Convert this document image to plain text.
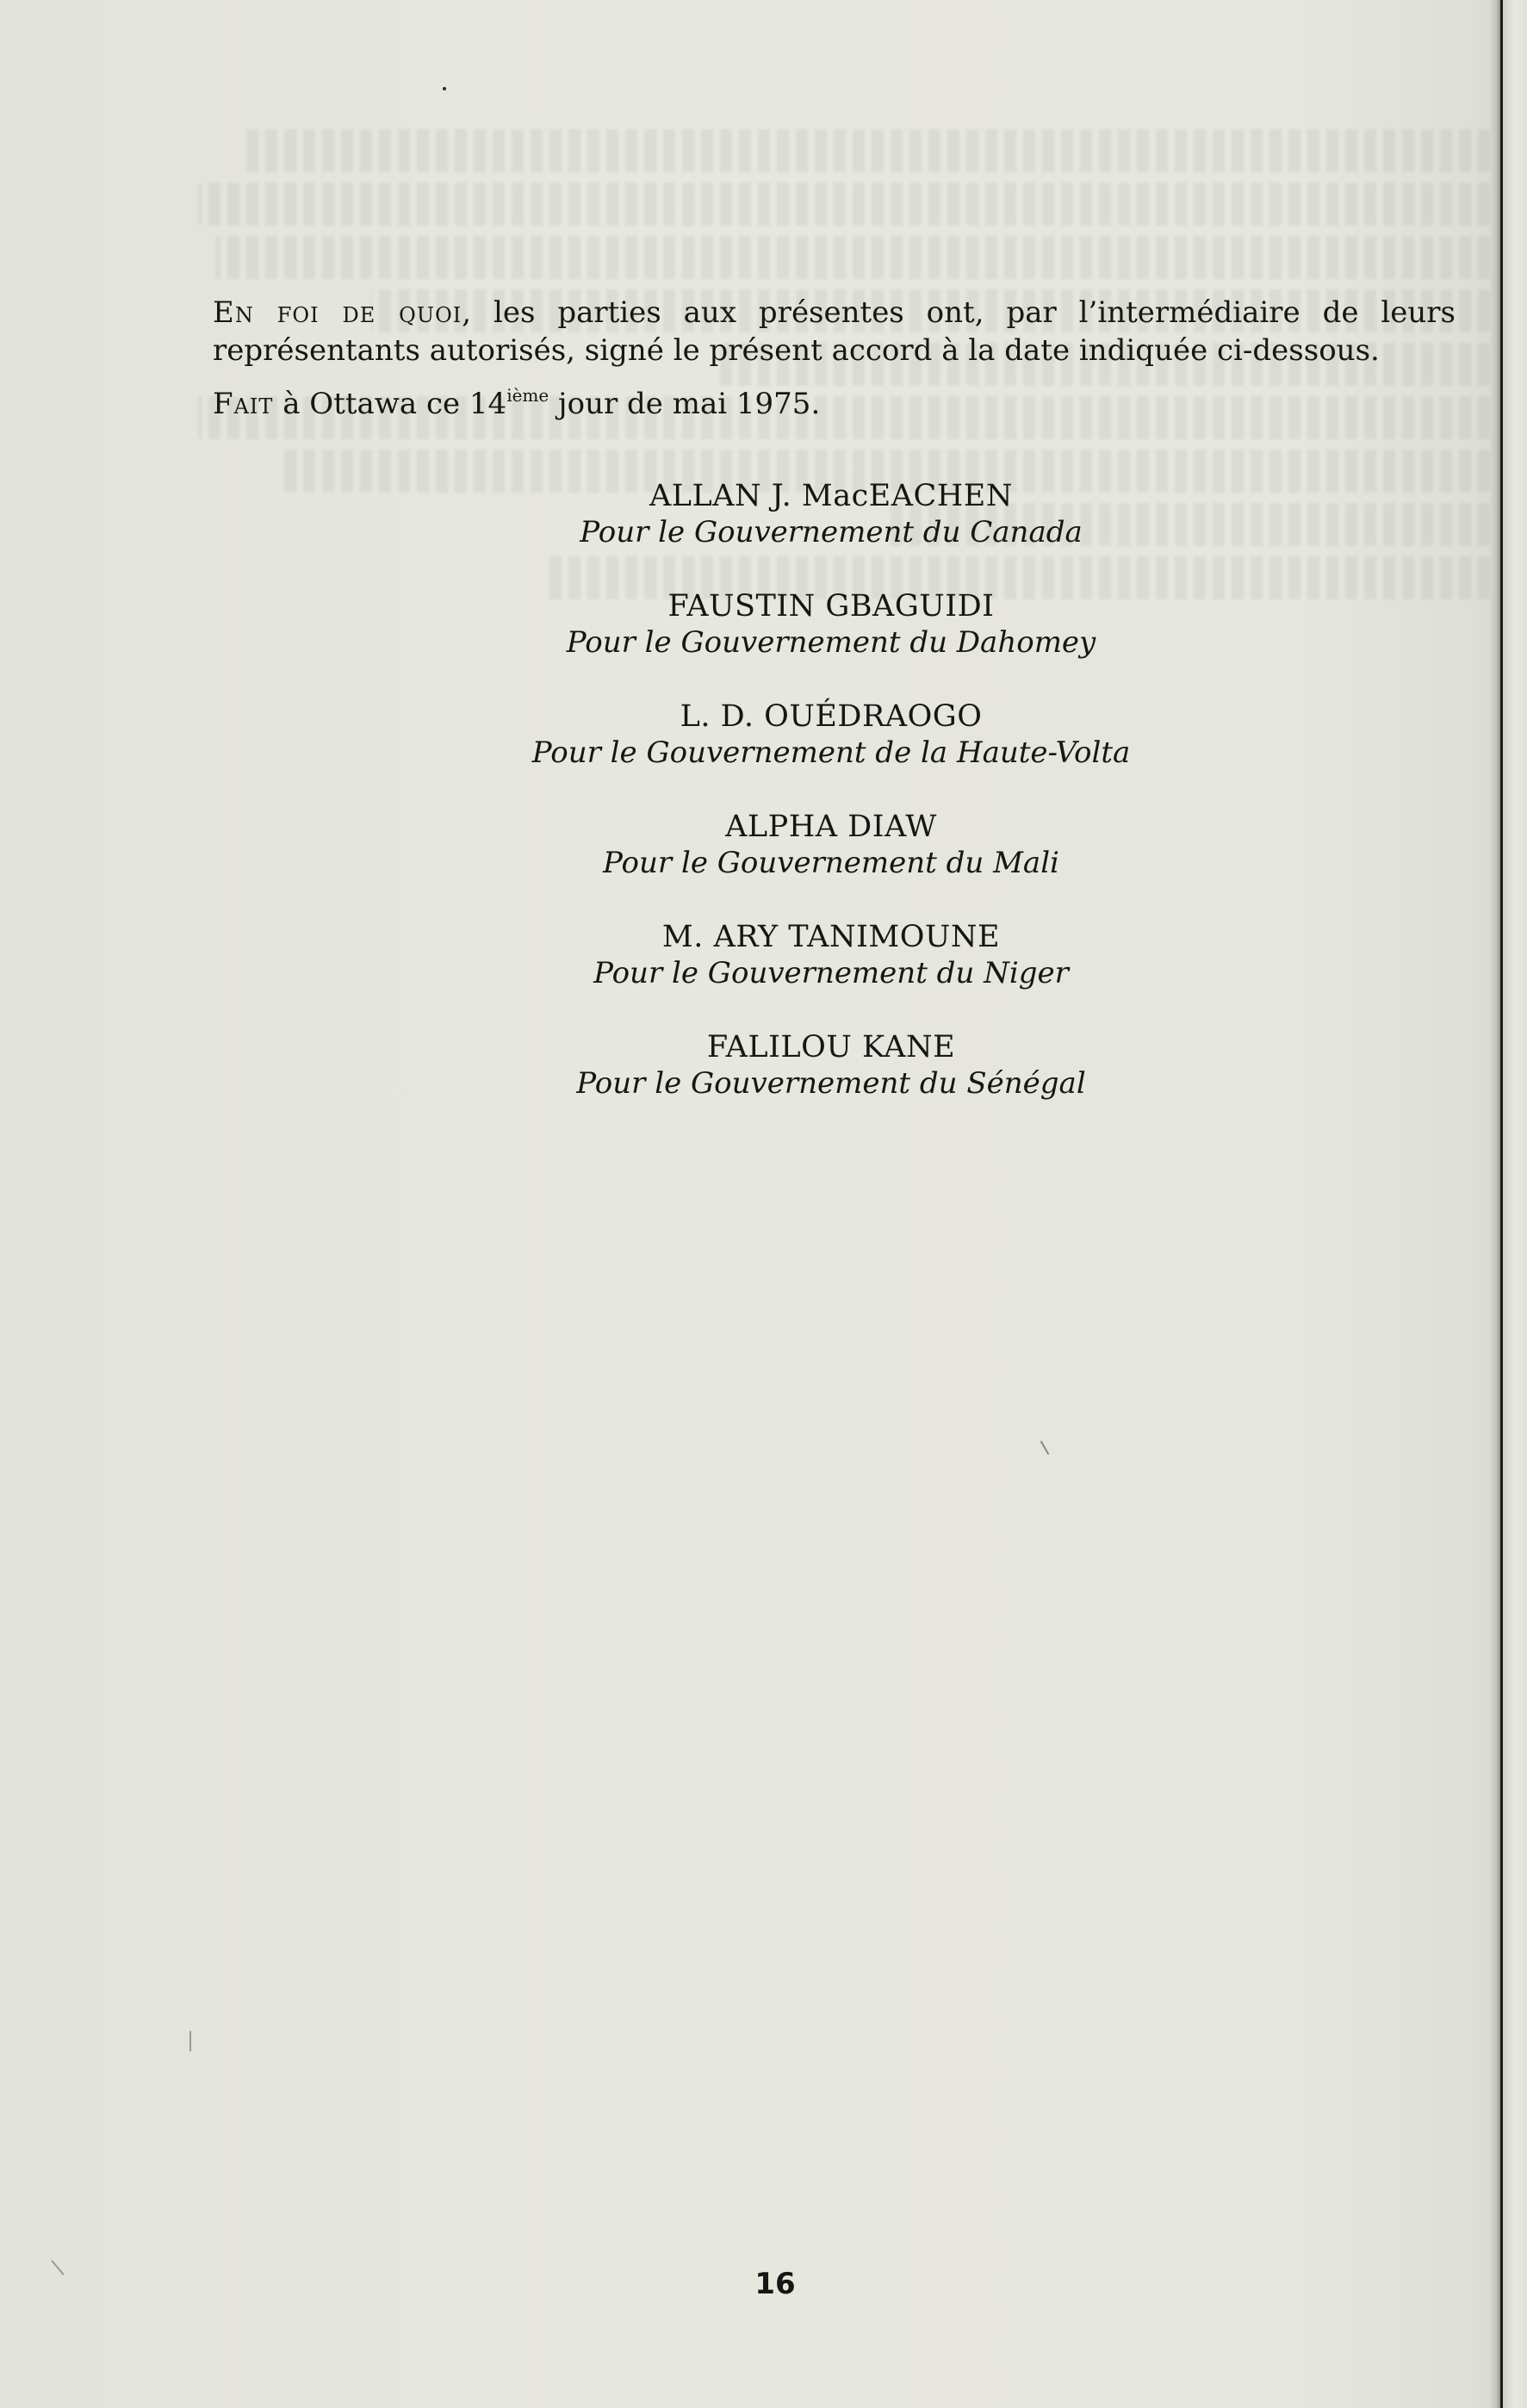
En foi de quoi, les parties aux présentes ont, par l’intermédiaire de leurs représentants autorisés, signé le présent accord à la date indiquée ci-dessous.

Fait à Ottawa ce 14ième jour de mai 1975.

ALLAN J. MacEACHEN
Pour le Gouvernement du Canada
FAUSTIN GBAGUIDI
Pour le Gouvernement du Dahomey
L. D. OUÉDRAOGO
Pour le Gouvernement de la Haute-Volta
ALPHA DIAW
Pour le Gouvernement du Mali
M. ARY TANIMOUNE
Pour le Gouvernement du Niger
FALILOU KANE
Pour le Gouvernement du Sénégal
16
